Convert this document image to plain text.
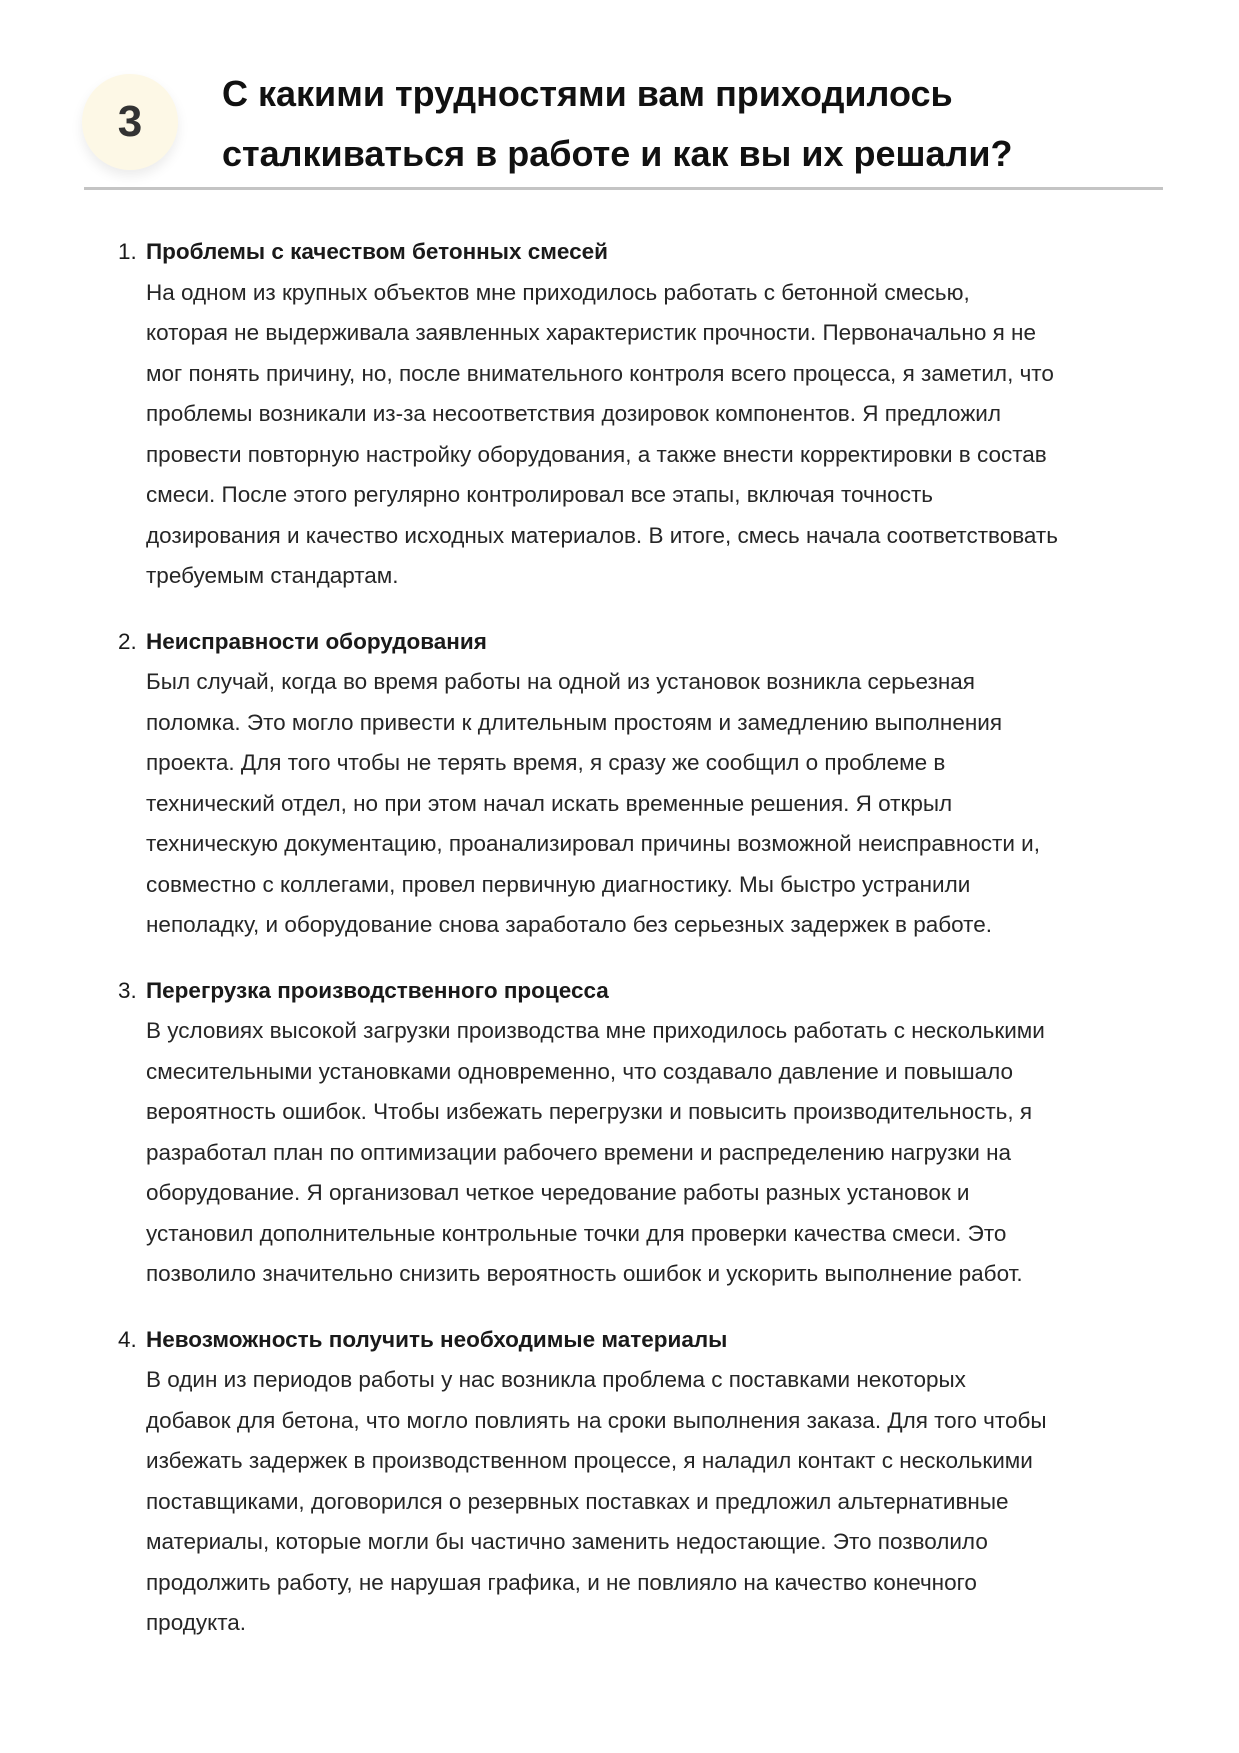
3
С какими трудностями вам приходилось
сталкиваться в работе и как вы их решали?
1. Проблемы с качеством бетонных смесей
На одном из крупных объектов мне приходилось работать с бетонной смесью,
которая не выдерживала заявленных характеристик прочности. Первоначально я не
мог понять причину, но, после внимательного контроля всего процесса, я заметил, что
проблемы возникали из-за несоответствия дозировок компонентов. Я предложил
провести повторную настройку оборудования, а также внести корректировки в состав
смеси. После этого регулярно контролировал все этапы, включая точность
дозирования и качество исходных материалов. В итоге, смесь начала соответствовать
требуемым стандартам.
2. Неисправности оборудования
Был случай, когда во время работы на одной из установок возникла серьезная
поломка. Это могло привести к длительным простоям и замедлению выполнения
проекта. Для того чтобы не терять время, я сразу же сообщил о проблеме в
технический отдел, но при этом начал искать временные решения. Я открыл
техническую документацию, проанализировал причины возможной неисправности и,
совместно с коллегами, провел первичную диагностику. Мы быстро устранили
неполадку, и оборудование снова заработало без серьезных задержек в работе.
3. Перегрузка производственного процесса
В условиях высокой загрузки производства мне приходилось работать с несколькими
смесительными установками одновременно, что создавало давление и повышало
вероятность ошибок. Чтобы избежать перегрузки и повысить производительность, я
разработал план по оптимизации рабочего времени и распределению нагрузки на
оборудование. Я организовал четкое чередование работы разных установок и
установил дополнительные контрольные точки для проверки качества смеси. Это
позволило значительно снизить вероятность ошибок и ускорить выполнение работ.
4. Невозможность получить необходимые материалы
В один из периодов работы у нас возникла проблема с поставками некоторых
добавок для бетона, что могло повлиять на сроки выполнения заказа. Для того чтобы
избежать задержек в производственном процессе, я наладил контакт с несколькими
поставщиками, договорился о резервных поставках и предложил альтернативные
материалы, которые могли бы частично заменить недостающие. Это позволило
продолжить работу, не нарушая графика, и не повлияло на качество конечного
продукта.
